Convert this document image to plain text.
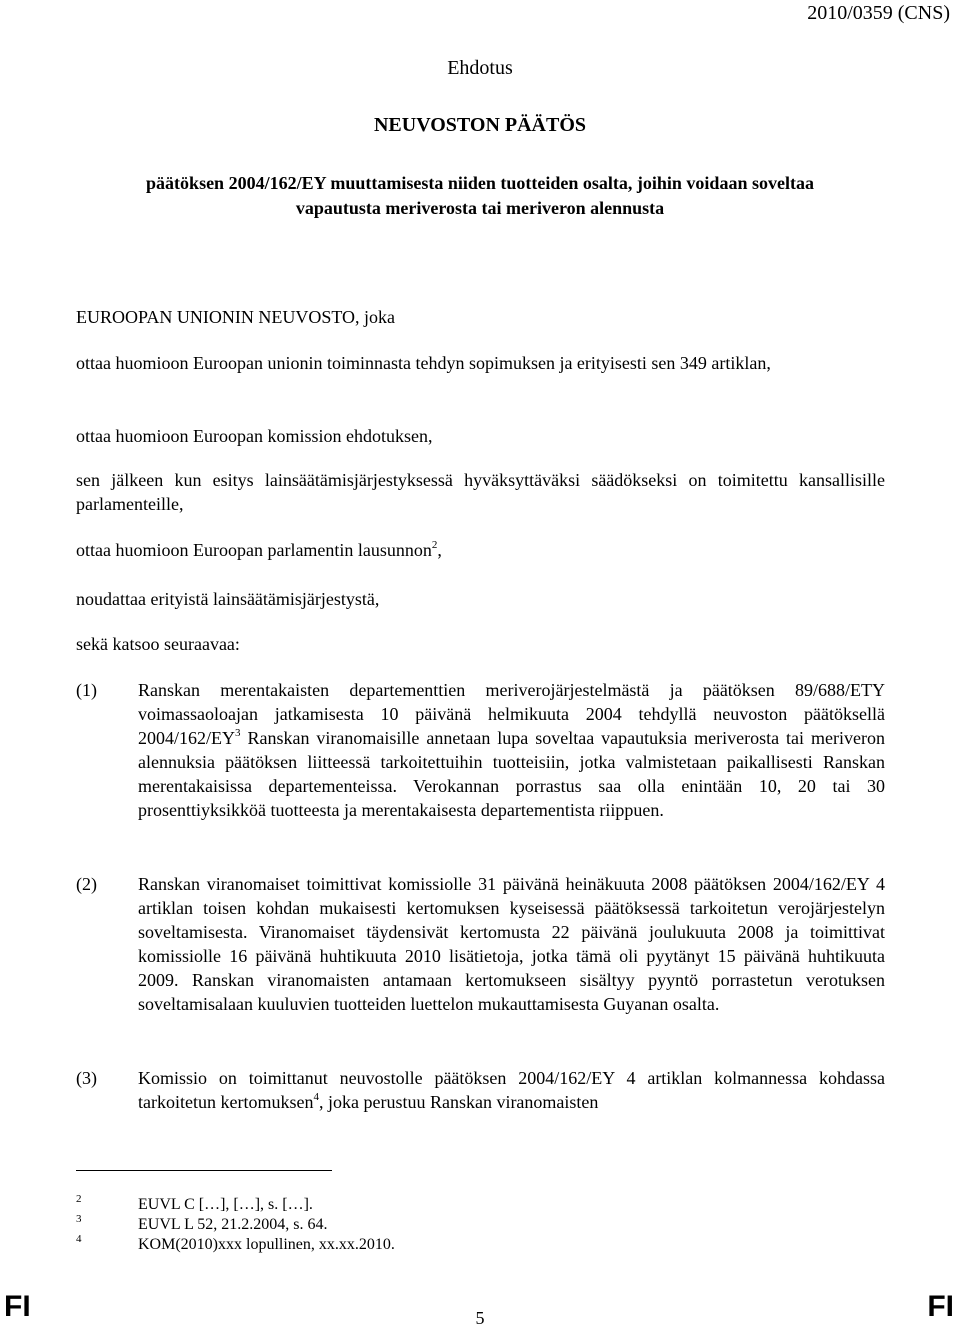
2010/0359 (CNS)
Ehdotus
NEUVOSTON PÄÄTÖS
päätöksen 2004/162/EY muuttamisesta niiden tuotteiden osalta, joihin voidaan soveltaa
vapautusta meriverosta tai meriveron alennusta
EUROOPAN UNIONIN NEUVOSTO, joka
ottaa huomioon Euroopan unionin toiminnasta tehdyn sopimuksen ja erityisesti sen 349 artiklan,
ottaa huomioon Euroopan komission ehdotuksen,
sen jälkeen kun esitys lainsäätämisjärjestyksessä hyväksyttäväksi säädökseksi on toimitettu kansallisille parlamenteille,
ottaa huomioon Euroopan parlamentin lausunnon$^2$,
noudattaa erityistä lainsäätämisjärjestystä,
sekä katsoo seuraavaa:
(1)	Ranskan merentakaisten departementtien meriverojärjestelmästä ja päätöksen 89/688/ETY voimassaoloajan jatkamisesta 10 päivänä helmikuuta 2004 tehdyllä neuvoston päätöksellä $2004/162/EY^3$ Ranskan viranomaisille annetaan lupa soveltaa vapautuksia meriverosta tai meriveron alennuksia päätöksen liitteessä tarkoitettuihin tuotteisiin, jotka valmistetaan paikallisesti Ranskan merentakaisissa departementeissa. Verokannan porrastus saa olla enintään 10, 20 tai 30 prosenttiyksikköä tuotteesta ja merentakaisesta departementista riippuen.
(2)	Ranskan viranomaiset toimittivat komissiolle 31 päivänä heinäkuuta 2008 päätöksen 2004/162/EY 4 artiklan toisen kohdan mukaisesti kertomuksen kyseisessä päätöksessä tarkoitetun verojärjestelyn soveltamisesta. Viranomaiset täydensivät kertomusta 22 päivänä joulukuuta 2008 ja toimittivat komissiolle 16 päivänä huhtikuuta 2010 lisätietoja, jotka tämä oli pyytänyt 15 päivänä huhtikuuta 2009. Ranskan viranomaisten antamaan kertomukseen sisältyy pyyntö porrastetun verotuksen soveltamisalaan kuuluvien tuotteiden luettelon mukauttamisesta Guyanan osalta.
(3)	Komissio on toimittanut neuvostolle päätöksen 2004/162/EY 4 artiklan kolmannessa kohdassa tarkoitetun kertomuksen$^4$, joka perustuu Ranskan viranomaisten
2	EUVL C […], […], s. […].
3	EUVL L 52, 21.2.2004, s. 64.
4	KOM(2010)xxx lopullinen, xx.xx.2010.
FI	5	FI
